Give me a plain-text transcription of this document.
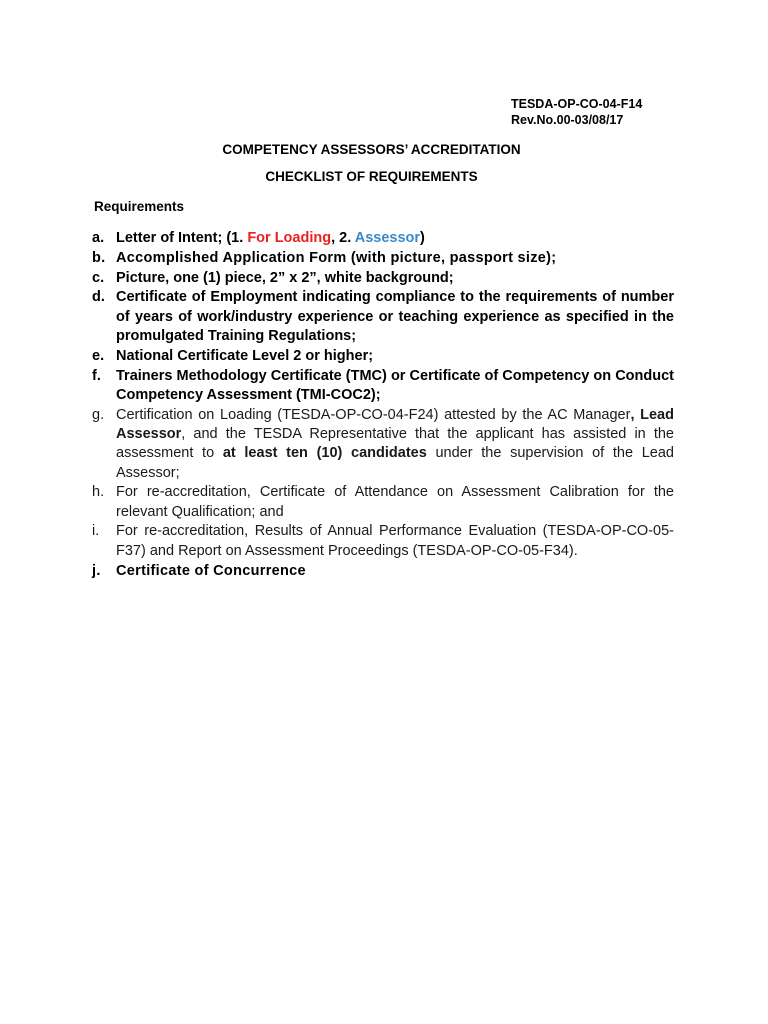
TESDA-OP-CO-04-F14
Rev.No.00-03/08/17
COMPETENCY ASSESSORS’ ACCREDITATION
CHECKLIST OF REQUIREMENTS
Requirements
a. Letter of Intent; (1. For Loading, 2. Assessor)
b. Accomplished Application Form (with picture, passport size);
c. Picture, one (1) piece, 2” x 2”, white background;
d. Certificate of Employment indicating compliance to the requirements of number of years of work/industry experience or teaching experience as specified in the promulgated Training Regulations;
e. National Certificate Level 2 or higher;
f. Trainers Methodology Certificate (TMC) or Certificate of Competency on Conduct Competency Assessment (TMI-COC2);
g. Certification on Loading (TESDA-OP-CO-04-F24) attested by the AC Manager, Lead Assessor, and the TESDA Representative that the applicant has assisted in the assessment to at least ten (10) candidates under the supervision of the Lead Assessor;
h. For re-accreditation, Certificate of Attendance on Assessment Calibration for the relevant Qualification; and
i. For re-accreditation, Results of Annual Performance Evaluation (TESDA-OP-CO-05-F37) and Report on Assessment Proceedings (TESDA-OP-CO-05-F34).
j. Certificate of Concurrence
